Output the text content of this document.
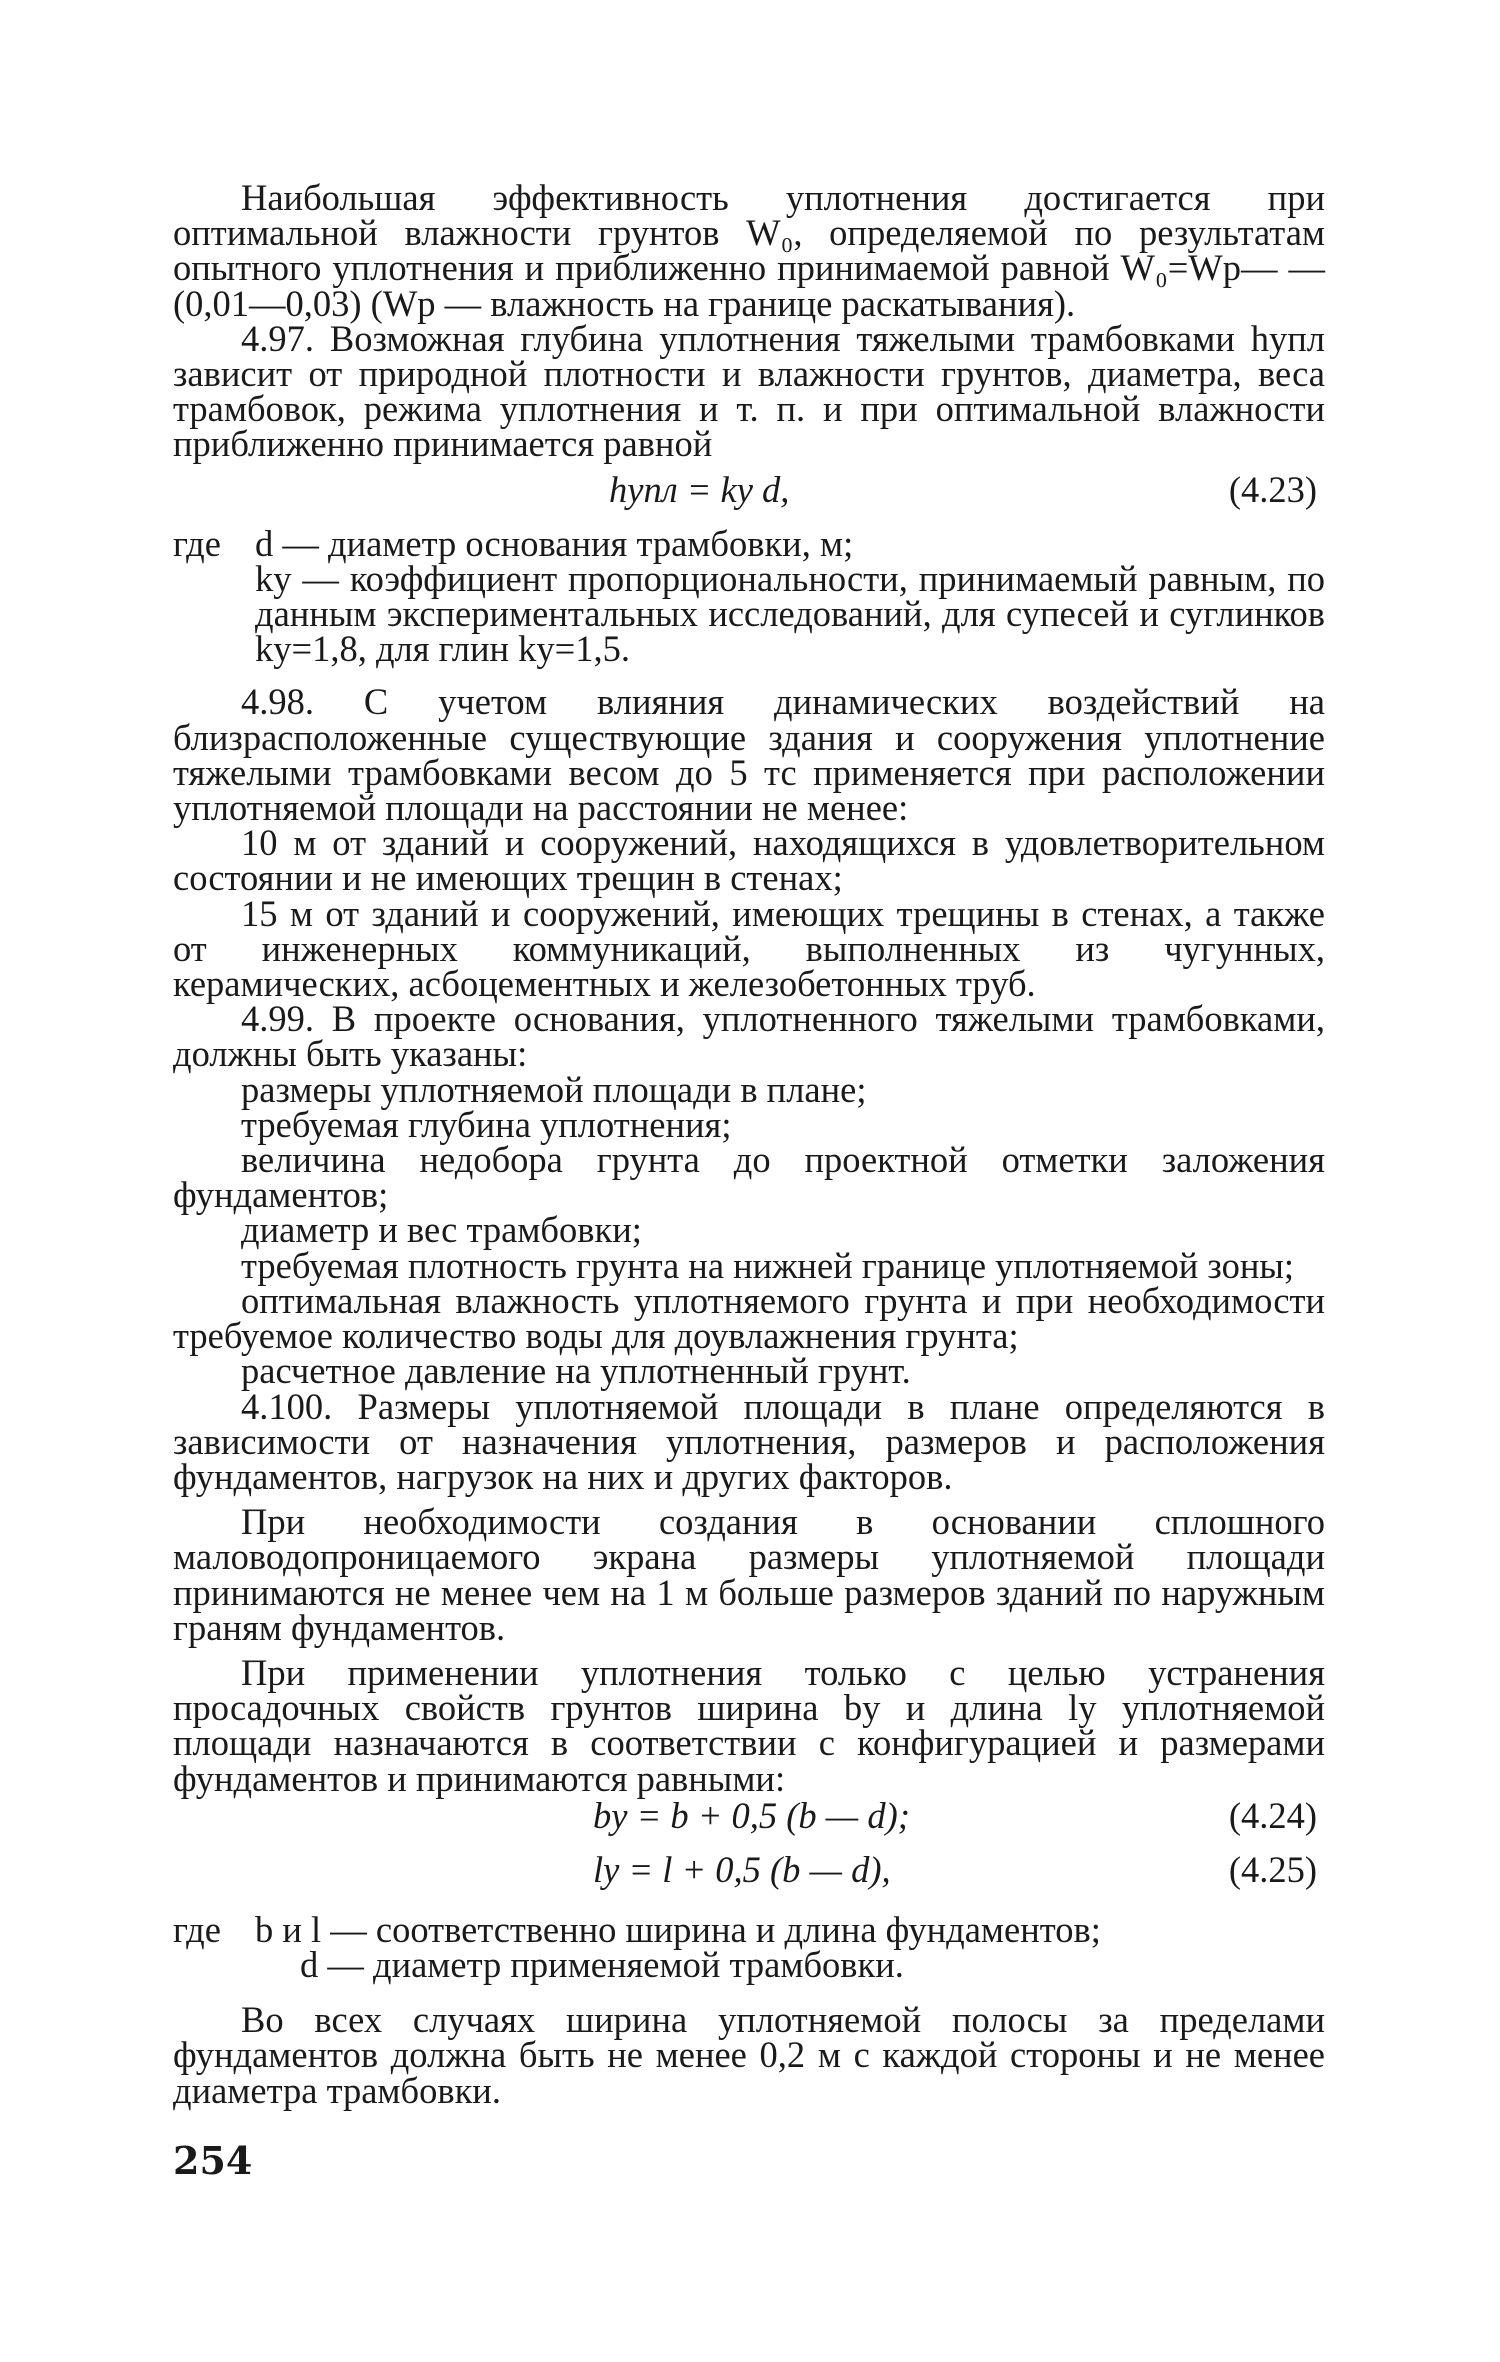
Наибольшая эффективность уплотнения достигается при оптимальной влажности грунтов W₀, определяемой по результатам опытного уплотнения и приближенно принимаемой равной W₀=Wp— —(0,01—0,03) (Wp — влажность на границе раскатывания).

4.97. Возможная глубина уплотнения тяжелыми трамбовками hупл зависит от природной плотности и влажности грунтов, диаметра, веса трамбовок, режима уплотнения и т. п. и при оптимальной влажности приближенно принимается равной

hупл = kу d,	(4.23)
где d — диаметр основания трамбовки, м;

kу — коэффициент пропорциональности, принимаемый равным, по данным экспериментальных исследований, для супесей и суглинков kу=1,8, для глин kу=1,5.

4.98. С учетом влияния динамических воздействий на близрасположенные существующие здания и сооружения уплотнение тяжелыми трамбовками весом до 5 тс применяется при расположении уплотняемой площади на расстоянии не менее:

10 м от зданий и сооружений, находящихся в удовлетворительном состоянии и не имеющих трещин в стенах;

15 м от зданий и сооружений, имеющих трещины в стенах, а также от инженерных коммуникаций, выполненных из чугунных, керамических, асбоцементных и железобетонных труб.

4.99. В проекте основания, уплотненного тяжелыми трамбовками, должны быть указаны:

размеры уплотняемой площади в плане;

требуемая глубина уплотнения;

величина недобора грунта до проектной отметки заложения фундаментов;

диаметр и вес трамбовки;

требуемая плотность грунта на нижней границе уплотняемой зоны;

оптимальная влажность уплотняемого грунта и при необходимости требуемое количество воды для доувлажнения грунта;

расчетное давление на уплотненный грунт.

4.100. Размеры уплотняемой площади в плане определяются в зависимости от назначения уплотнения, размеров и расположения фундаментов, нагрузок на них и других факторов.

При необходимости создания в основании сплошного маловодопроницаемого экрана размеры уплотняемой площади принимаются не менее чем на 1 м больше размеров зданий по наружным граням фундаментов.

При применении уплотнения только с целью устранения просадочных свойств грунтов ширина bу и длина lу уплотняемой площади назначаются в соответствии с конфигурацией и размерами фундаментов и принимаются равными:

bу = b + 0,5 (b — d);	(4.24)
lу = l + 0,5 (b — d),	(4.25)
где b и l — соответственно ширина и длина фундаментов;

d — диаметр применяемой трамбовки.

Во всех случаях ширина уплотняемой полосы за пределами фундаментов должна быть не менее 0,2 м с каждой стороны и не менее диаметра трамбовки.

254
